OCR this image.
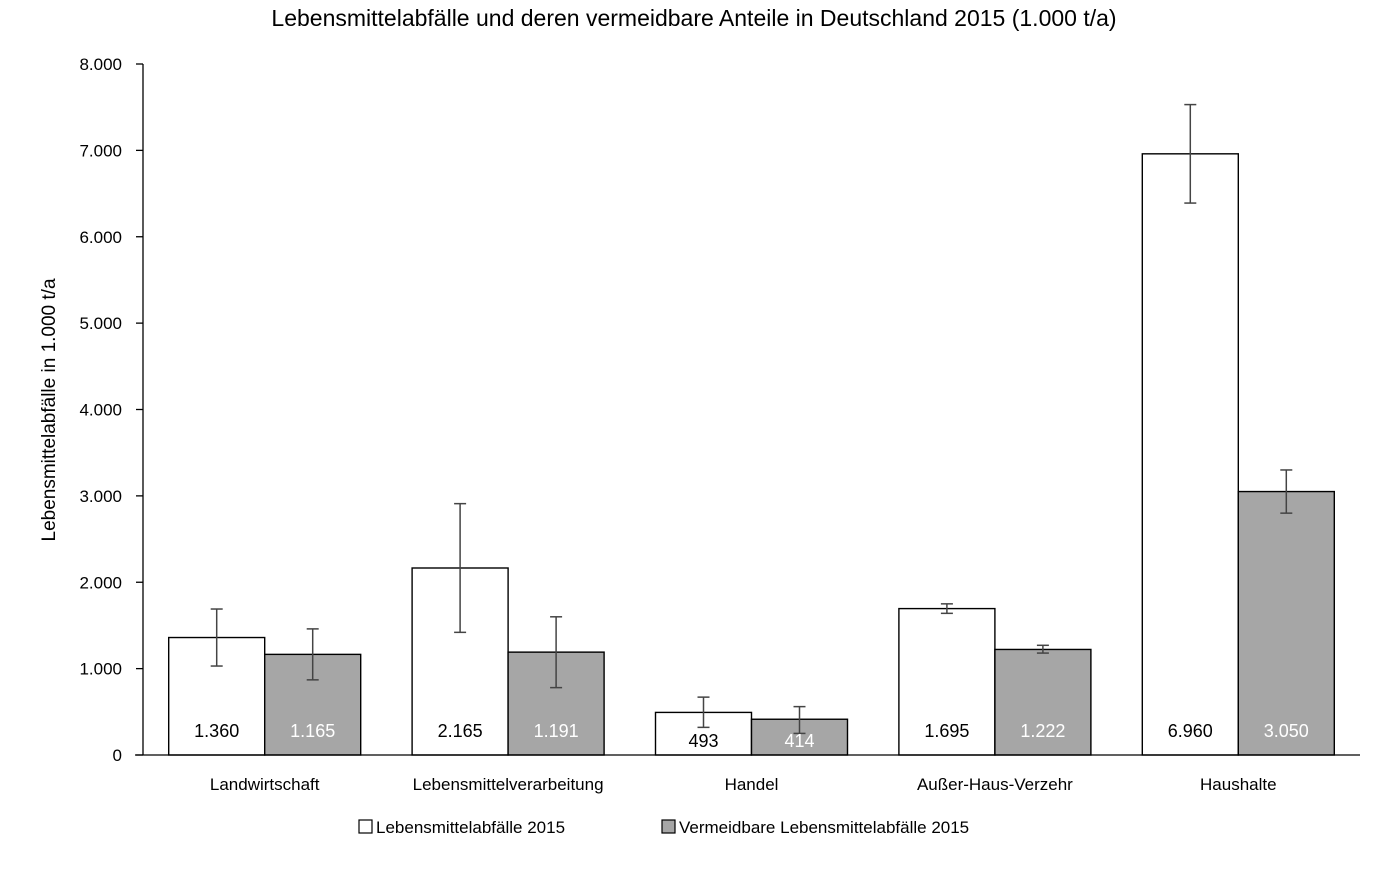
Lebensmittelabfälle und deren vermeidbare Anteile in Deutschland 2015 (1.000 t/a)
Lebensmittelabfälle in 1.000 t/a
0
1.000
2.000
3.000
4.000
5.000
6.000
7.000
8.000
1.360	1.165	2.165	1.191	493	414	1.695	1.222	6.960	3.050
Landwirtschaft	Lebensmittelverarbeitung	Handel	Außer-Haus-Verzehr	Haushalte
Lebensmittelabfälle 2015	Vermeidbare Lebensmittelabfälle 2015
